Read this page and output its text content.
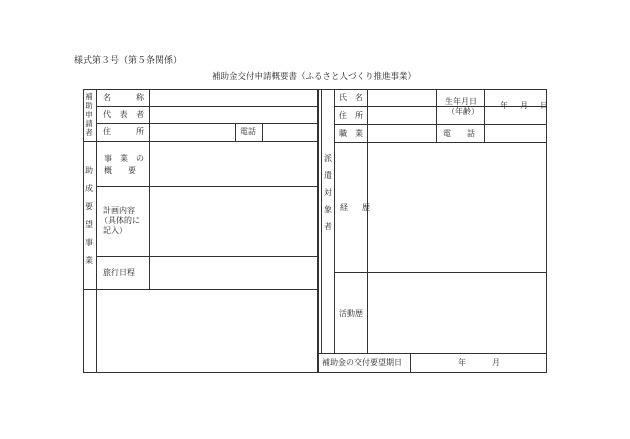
様式第３号（第５条関係）
補助金交付申請概要書（ふるさと人づくり推進事業）
補助申請者
名　　称
代 表 者
住　　所	電話
助成要望事業
事　業　の
概　　要
計画内容
（具体的に
記入）
旅行日程
派遣対象者
氏　名	生年月日
（年齢）
年　月　日
住　所
職　業	電　　話
経　歴
活動歴
補助金の交付要望期日	年	月
